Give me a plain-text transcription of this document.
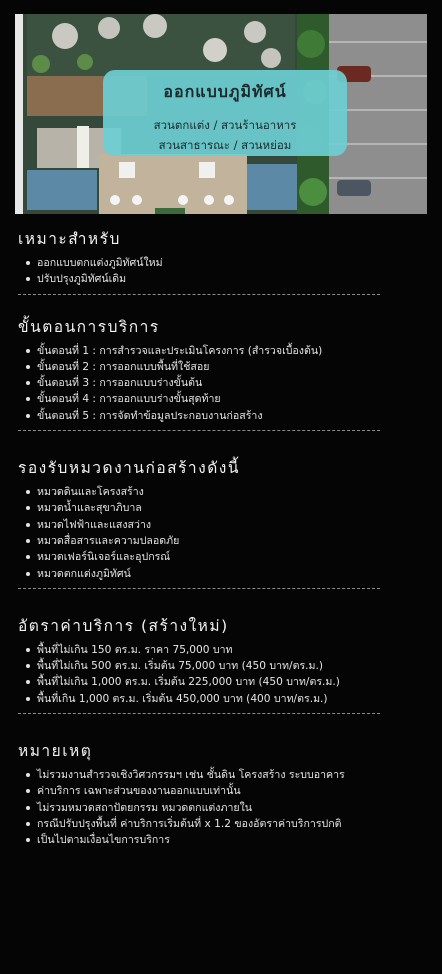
ออกแบบภูมิทัศน์
สวนตกแต่ง / สวนร้านอาหาร
สวนสาธารณะ / สวนหย่อม
เหมาะสำหรับ
ออกแบบตกแต่งภูมิทัศน์ใหม่
ปรับปรุงภูมิทัศน์เดิม
ขั้นตอนการบริการ
ขั้นตอนที่ 1 : การสำรวจและประเมินโครงการ (สำรวจเบื้องต้น)
ขั้นตอนที่ 2 : การออกแบบพื้นที่ใช้สอย
ขั้นตอนที่ 3 : การออกแบบร่างขั้นต้น
ขั้นตอนที่ 4 : การออกแบบร่างขั้นสุดท้าย
ขั้นตอนที่ 5 : การจัดทำข้อมูลประกอบงานก่อสร้าง
รองรับหมวดงานก่อสร้างดังนี้
หมวดดินและโครงสร้าง
หมวดน้ำและสุขาภิบาล
หมวดไฟฟ้าและแสงสว่าง
หมวดสื่อสารและความปลอดภัย
หมวดเฟอร์นิเจอร์และอุปกรณ์
หมวดตกแต่งภูมิทัศน์
อัตราค่าบริการ (สร้างใหม่)
พื้นที่ไม่เกิน 150 ตร.ม. ราคา 75,000 บาท
พื้นที่ไม่เกิน 500 ตร.ม. เริ่มต้น 75,000 บาท (450 บาท/ตร.ม.)
พื้นที่ไม่เกิน 1,000 ตร.ม. เริ่มต้น 225,000 บาท (450 บาท/ตร.ม.)
พื้นที่เกิน 1,000 ตร.ม. เริ่มต้น 450,000 บาท (400 บาท/ตร.ม.)
หมายเหตุ
ไม่รวมงานสำรวจเชิงวิศวกรรมฯ เช่น ชั้นดิน โครงสร้าง ระบบอาคาร
ค่าบริการ เฉพาะส่วนของงานออกแบบเท่านั้น
ไม่รวมหมวดสถาปัตยกรรม หมวดตกแต่งภายใน
กรณีปรับปรุงพื้นที่ ค่าบริการเริ่มต้นที่ x 1.2 ของอัตราค่าบริการปกติ
เป็นไปตามเงื่อนไขการบริการ
